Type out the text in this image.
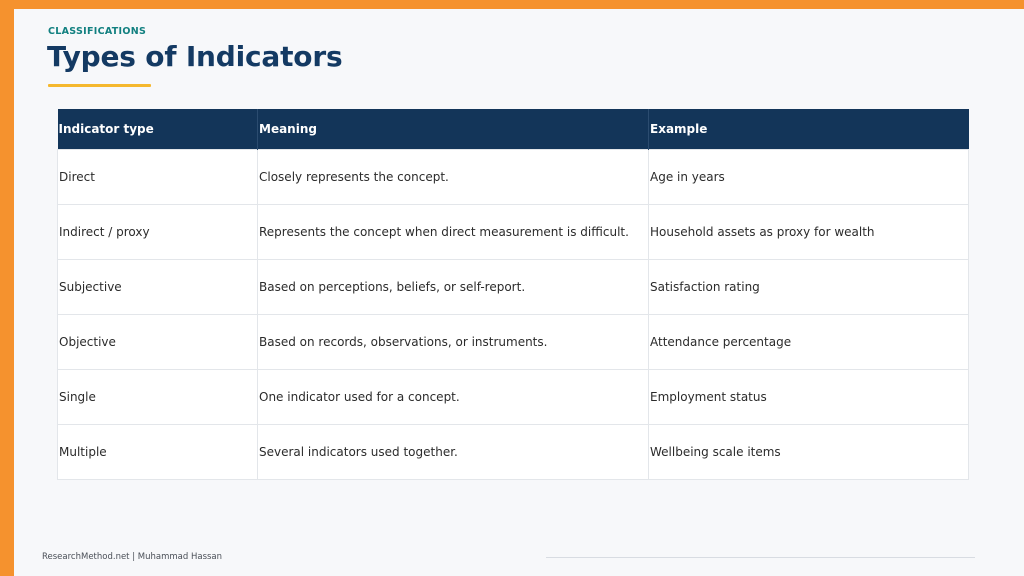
CLASSIFICATIONS
Types of Indicators
Indicator type	Meaning	Example
Direct	Closely represents the concept.	Age in years
Indirect / proxy	Represents the concept when direct measurement is difficult.	Household assets as proxy for wealth
Subjective	Based on perceptions, beliefs, or self-report.	Satisfaction rating
Objective	Based on records, observations, or instruments.	Attendance percentage
Single	One indicator used for a concept.	Employment status
Multiple	Several indicators used together.	Wellbeing scale items
ResearchMethod.net | Muhammad Hassan
